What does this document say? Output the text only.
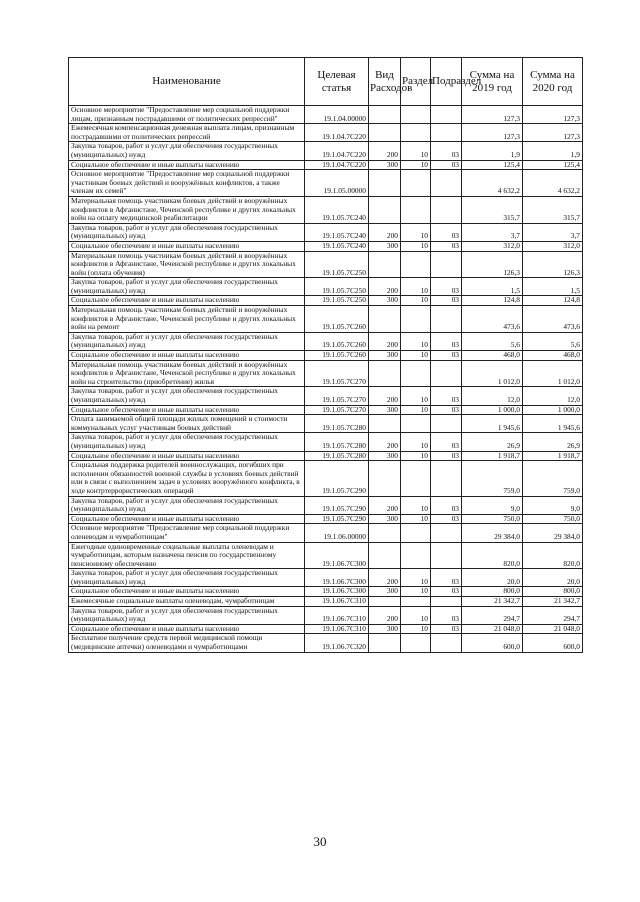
Наименование	Целевая статья	Вид Расходов	Раздел	Подраздел	Сумма на 2019 год	Сумма на 2020 год
Основное мероприятие "Предоставление мер социальной поддержки лицам, признанным пострадавшими от политических репрессий"	19.1.04.00000				127,3	127,3
Ежемесячная компенсационная денежная выплата лицам, признанным пострадавшими от политических репрессий	19.1.04.7С220				127,3	127,3
Закупка товаров, работ и услуг для обеспечения государственных (муниципальных) нужд	19.1.04.7С220	200	10	03	1,9	1,9
Социальное обеспечение и иные выплаты населению	19.1.04.7С220	300	10	03	125,4	125,4
Основное мероприятие "Предоставление мер социальной поддержки участникам боевых действий и вооружённых конфликтов, а также членам их семей"	19.1.05.00000				4 632,2	4 632,2
Материальная помощь участникам боевых действий и вооружённых конфликтов в Афганистане, Чеченской республике и других локальных войн на оплату медицинской реабилитации	19.1.05.7С240				315,7	315,7
Закупка товаров, работ и услуг для обеспечения государственных (муниципальных) нужд	19.1.05.7С240	200	10	03	3,7	3,7
Социальное обеспечение и иные выплаты населению	19.1.05.7С240	300	10	03	312,0	312,0
Материальная помощь участникам боевых действий и вооружённых конфликтов в Афганистане, Чеченской республике и других локальных войн (оплата обучения)	19.1.05.7С250				126,3	126,3
Закупка товаров, работ и услуг для обеспечения государственных (муниципальных) нужд	19.1.05.7С250	200	10	03	1,5	1,5
Социальное обеспечение и иные выплаты населению	19.1.05.7С250	300	10	03	124,8	124,8
Материальная помощь участникам боевых действий и вооружённых конфликтов в Афганистане, Чеченской республике и других локальных войн на ремонт	19.1.05.7С260				473,6	473,6
Закупка товаров, работ и услуг для обеспечения государственных (муниципальных) нужд	19.1.05.7С260	200	10	03	5,6	5,6
Социальное обеспечение и иные выплаты населению	19.1.05.7С260	300	10	03	468,0	468,0
Материальная помощь участникам боевых действий и вооружённых конфликтов в Афганистане, Чеченской республике и других локальных войн на строительство (приобретение) жилья	19.1.05.7С270				1 012,0	1 012,0
Закупка товаров, работ и услуг для обеспечения государственных (муниципальных) нужд	19.1.05.7С270	200	10	03	12,0	12,0
Социальное обеспечение и иные выплаты населению	19.1.05.7С270	300	10	03	1 000,0	1 000,0
Оплата занимаемой общей площади жилых помещений и стоимости коммунальных услуг участникам боевых действий	19.1.05.7С280				1 945,6	1 945,6
Закупка товаров, работ и услуг для обеспечения государственных (муниципальных) нужд	19.1.05.7С280	200	10	03	26,9	26,9
Социальное обеспечение и иные выплаты населению	19.1.05.7С280	300	10	03	1 918,7	1 918,7
Социальная поддержка родителей военнослужащих, погибших при исполнении обязанностей военной службы в условиях боевых действий или в связи с выполнением задач в условиях вооружённого конфликта, в ходе контртеррористических операций	19.1.05.7С290				759,0	759,0
Закупка товаров, работ и услуг для обеспечения государственных (муниципальных) нужд	19.1.05.7С290	200	10	03	9,0	9,0
Социальное обеспечение и иные выплаты населению	19.1.05.7С290	300	10	03	750,0	750,0
Основное мероприятие "Предоставление мер социальной поддержки оленеводам и чумработницам"	19.1.06.00000				29 384,0	29 384,0
Ежегодные единовременные социальные выплаты оленеводам и чумработницам, которым назначена пенсия по государственному пенсионному обеспечению	19.1.06.7С300				820,0	820,0
Закупка товаров, работ и услуг для обеспечения государственных (муниципальных) нужд	19.1.06.7С300	200	10	03	20,0	20,0
Социальное обеспечение и иные выплаты населению	19.1.06.7С300	300	10	03	800,0	800,0
Ежемесячные социальные выплаты оленеводам, чумработницам	19.1.06.7С310				21 342,7	21 342,7
Закупка товаров, работ и услуг для обеспечения государственных (муниципальных) нужд	19.1.06.7С310	200	10	03	294,7	294,7
Социальное обеспечение и иные выплаты населению	19.1.06.7С310	300	10	03	21 048,0	21 048,0
Бесплатное получение средств первой медицинской помощи (медицинские аптечки) оленеводами и чумработницами	19.1.06.7С320				600,0	600,0
30
